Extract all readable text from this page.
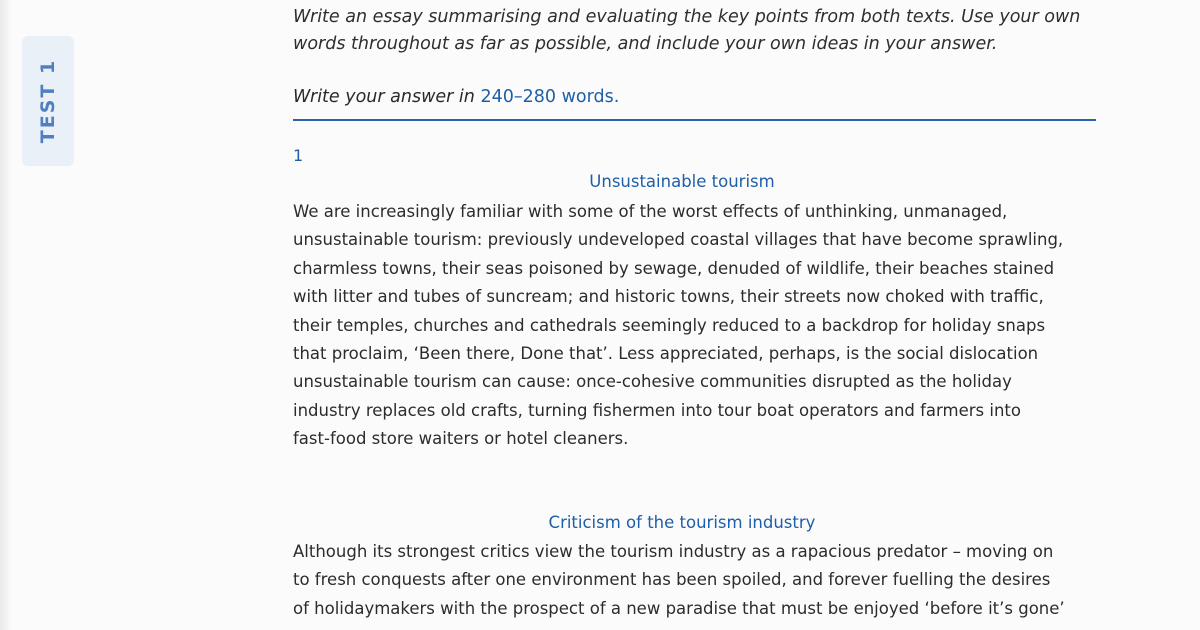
TEST 1

Write an essay summarising and evaluating the key points from both texts. Use your own
words throughout as far as possible, and include your own ideas in your answer.

Write your answer in 240–280 words.
1
Unsustainable tourism
We are increasingly familiar with some of the worst effects of unthinking, unmanaged,
unsustainable tourism: previously undeveloped coastal villages that have become sprawling,
charmless towns, their seas poisoned by sewage, denuded of wildlife, their beaches stained
with litter and tubes of suncream; and historic towns, their streets now choked with traffic,
their temples, churches and cathedrals seemingly reduced to a backdrop for holiday snaps
that proclaim, ‘Been there, Done that’. Less appreciated, perhaps, is the social dislocation
unsustainable tourism can cause: once-cohesive communities disrupted as the holiday
industry replaces old crafts, turning fishermen into tour boat operators and farmers into
fast-food store waiters or hotel cleaners.
Criticism of the tourism industry
Although its strongest critics view the tourism industry as a rapacious predator – moving on
to fresh conquests after one environment has been spoiled, and forever fuelling the desires
of holidaymakers with the prospect of a new paradise that must be enjoyed ‘before it’s gone’
